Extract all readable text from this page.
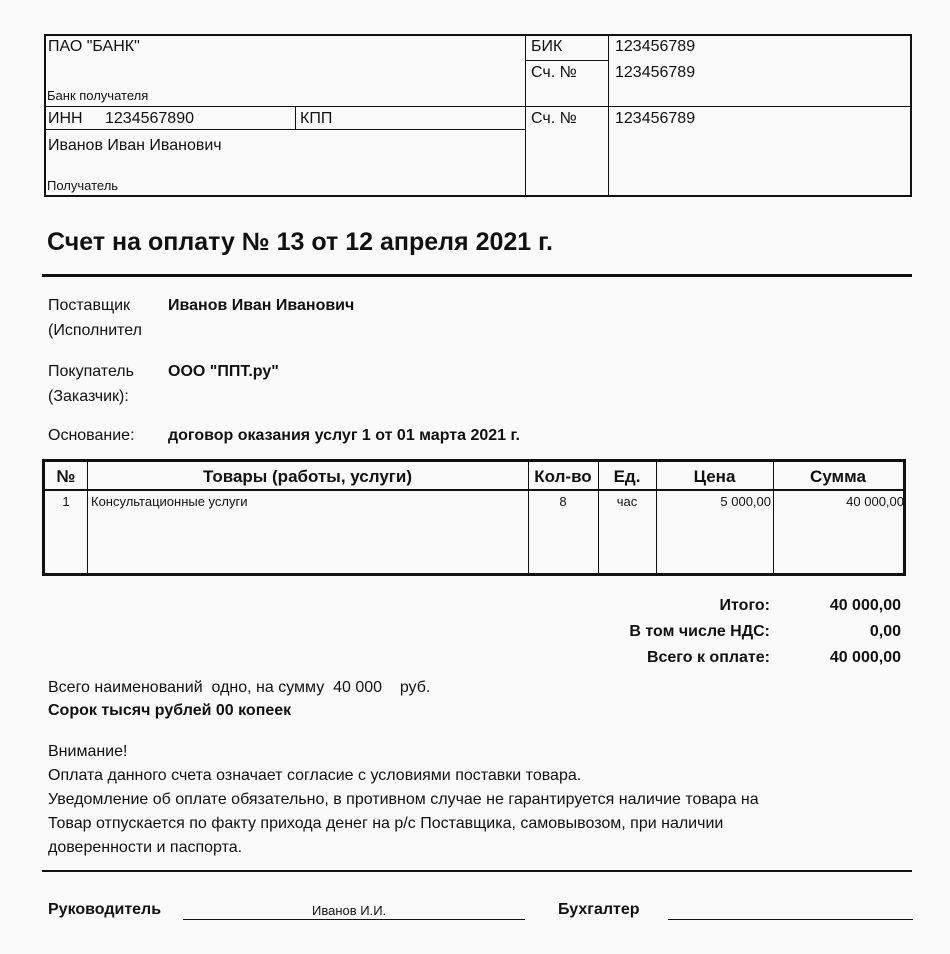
ПАО "БАНК"
Банк получателя
БИК	123456789
Сч. № 123456789
ИНН 1234567890	КПП	Сч. № 123456789
Иванов Иван Иванович
Получатель
Счет на оплату № 13 от 12 апреля 2021 г.
Поставщик
(Исполнител
Иванов Иван Иванович
Покупатель
(Заказчик):
ООО "ППТ.ру"
Основание: договор оказания услуг 1 от 01 марта 2021 г.
№	Товары (работы, услуги)	Кол-во	Ед.	Цена	Сумма
1	Консультационные услуги	8	час	5 000,00	40 000,00
Итого:	40 000,00
В том числе НДС:	0,00
Всего к оплате:	40 000,00
Всего наименований  одно, на сумму  40 000    руб.
Сорок тысяч рублей 00 копеек
Внимание!
Оплата данного счета означает согласие с условиями поставки товара.
Уведомление об оплате обязательно, в противном случае не гарантируется наличие товара на
Товар отпускается по факту прихода денег на р/с Поставщика, самовывозом, при наличии
доверенности и паспорта.
Руководитель	Иванов И.И.	Бухгалтер
